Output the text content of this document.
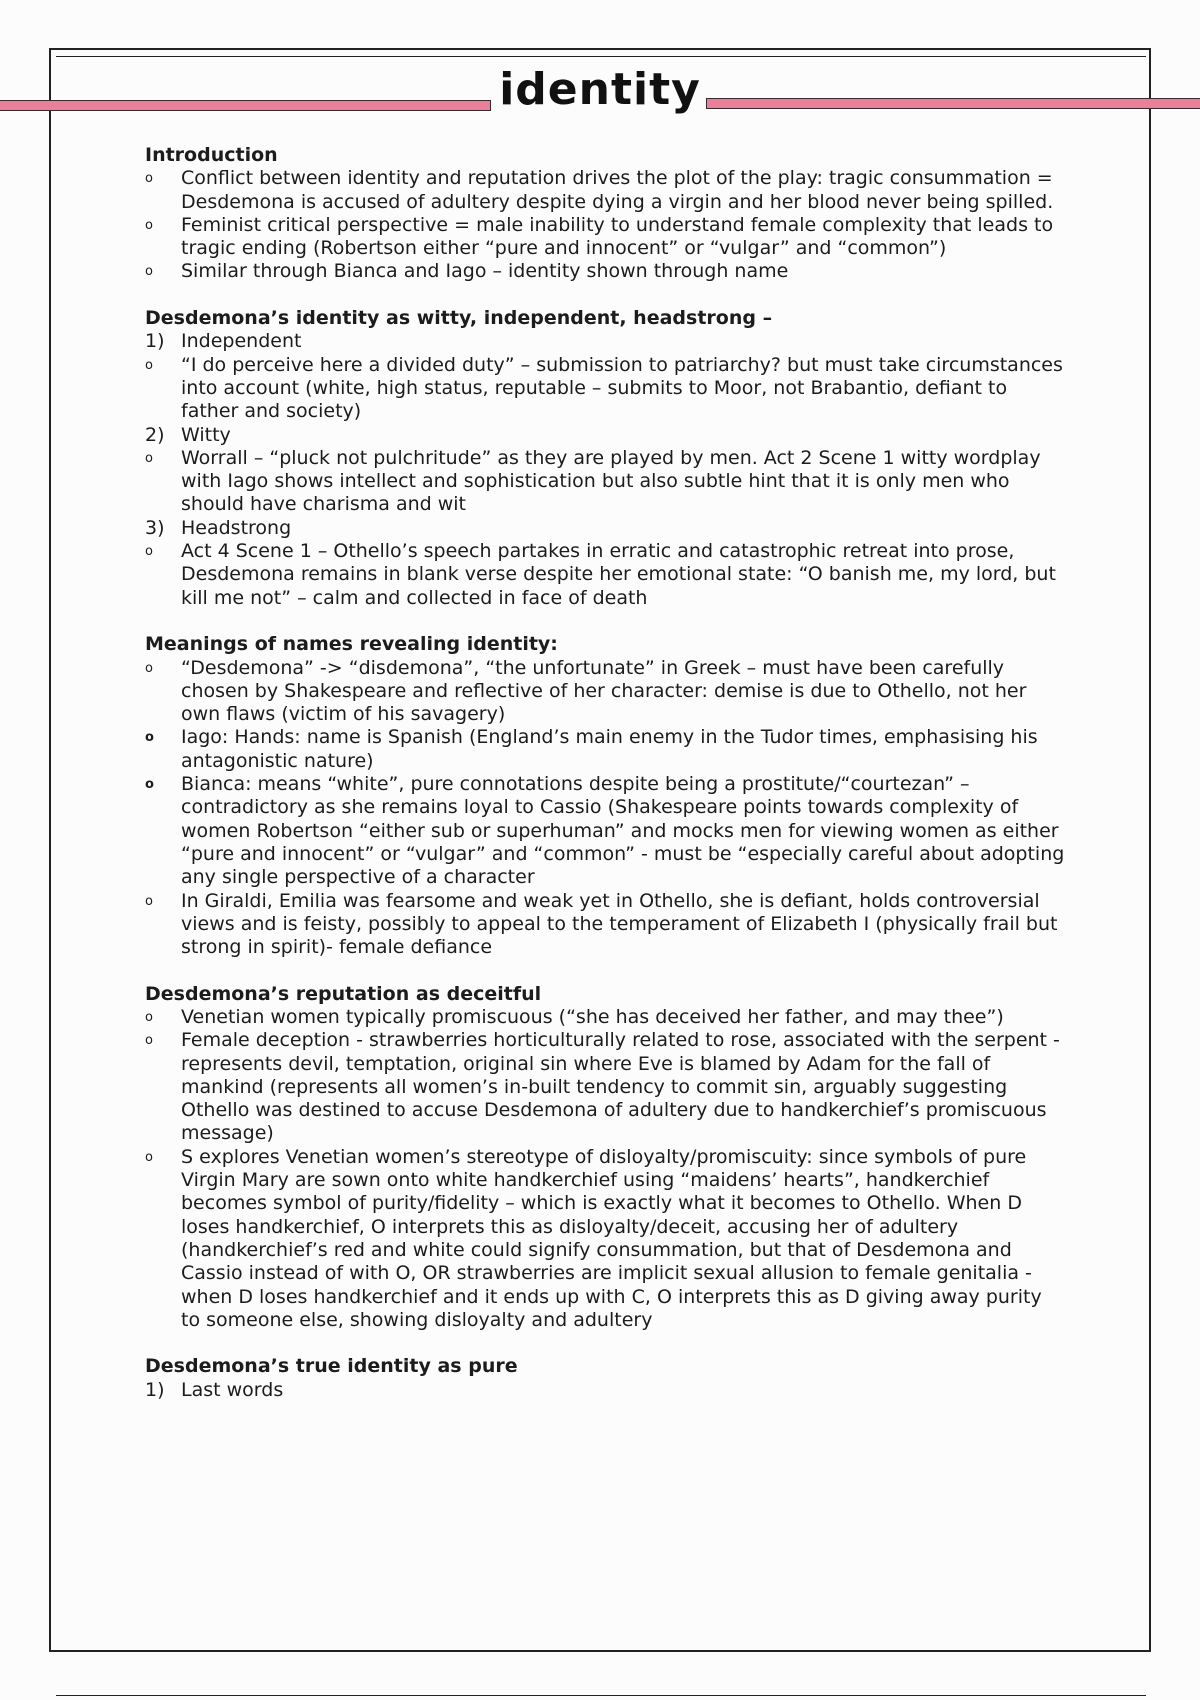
identity
Introduction
o	Conflict between identity and reputation drives the plot of the play: tragic consummation = Desdemona is accused of adultery despite dying a virgin and her blood never being spilled.
o	Feminist critical perspective = male inability to understand female complexity that leads to tragic ending (Robertson either “pure and innocent” or “vulgar” and “common”)
o	Similar through Bianca and Iago – identity shown through name
Desdemona’s identity as witty, independent, headstrong –
1) Independent
o	“I do perceive here a divided duty” – submission to patriarchy? but must take circumstances into account (white, high status, reputable – submits to Moor, not Brabantio, defiant to father and society)
2) Witty
o	Worrall – “pluck not pulchritude” as they are played by men. Act 2 Scene 1 witty wordplay with Iago shows intellect and sophistication but also subtle hint that it is only men who should have charisma and wit
3) Headstrong
o	Act 4 Scene 1 – Othello’s speech partakes in erratic and catastrophic retreat into prose, Desdemona remains in blank verse despite her emotional state: “O banish me, my lord, but kill me not” – calm and collected in face of death
Meanings of names revealing identity:
o	“Desdemona” -> “disdemona”, “the unfortunate” in Greek – must have been carefully chosen by Shakespeare and reflective of her character: demise is due to Othello, not her own flaws (victim of his savagery)
o	Iago: Hands: name is Spanish (England’s main enemy in the Tudor times, emphasising his antagonistic nature)
o	Bianca: means “white”, pure connotations despite being a prostitute/“courtezan” – contradictory as she remains loyal to Cassio (Shakespeare points towards complexity of women Robertson “either sub or superhuman” and mocks men for viewing women as either “pure and innocent” or “vulgar” and “common” - must be “especially careful about adopting any single perspective of a character
o	In Giraldi, Emilia was fearsome and weak yet in Othello, she is defiant, holds controversial views and is feisty, possibly to appeal to the temperament of Elizabeth I (physically frail but strong in spirit)- female defiance
Desdemona’s reputation as deceitful
o	Venetian women typically promiscuous (“she has deceived her father, and may thee”)
o	Female deception - strawberries horticulturally related to rose, associated with the serpent - represents devil, temptation, original sin where Eve is blamed by Adam for the fall of mankind (represents all women’s in-built tendency to commit sin, arguably suggesting Othello was destined to accuse Desdemona of adultery due to handkerchief’s promiscuous message)
o	S explores Venetian women’s stereotype of disloyalty/promiscuity: since symbols of pure Virgin Mary are sown onto white handkerchief using “maidens’ hearts”, handkerchief becomes symbol of purity/fidelity – which is exactly what it becomes to Othello. When D loses handkerchief, O interprets this as disloyalty/deceit, accusing her of adultery (handkerchief’s red and white could signify consummation, but that of Desdemona and Cassio instead of with O, OR strawberries are implicit sexual allusion to female genitalia - when D loses handkerchief and it ends up with C, O interprets this as D giving away purity to someone else, showing disloyalty and adultery
Desdemona’s true identity as pure
1) Last words
